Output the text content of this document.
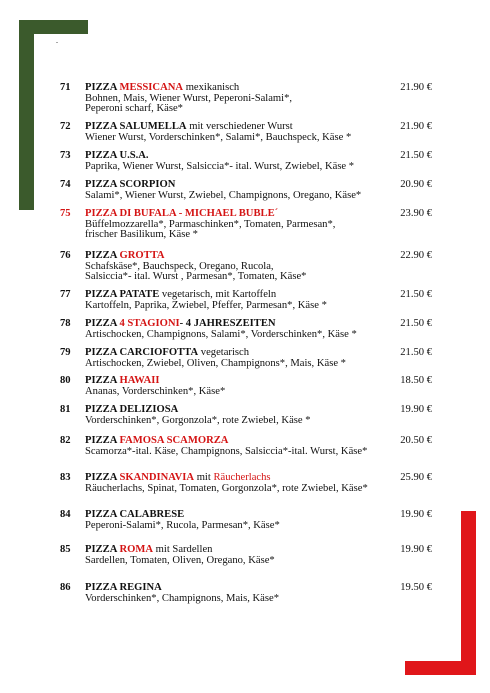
.
71	PIZZA MESSICANA mexikanisch
Bohnen, Mais, Wiener Wurst, Peperoni-Salami*,
Peperoni scharf, Käse*
21.90 €
72	PIZZA SALUMELLA mit verschiedener Wurst
Wiener Wurst, Vorderschinken*, Salami*, Bauchspeck, Käse *
21.90 €
73	PIZZA U.S.A.
Paprika, Wiener Wurst, Salsiccia*- ital. Wurst, Zwiebel, Käse *
21.50 €
74	PIZZA SCORPION
Salami*, Wiener Wurst, Zwiebel, Champignons, Oregano, Käse*
20.90 €
75	PIZZA DI BUFALA - MICHAEL BUBLE´
Büffelmozzarella*, Parmaschinken*, Tomaten, Parmesan*,
frischer Basilikum, Käse *
23.90 €
76	PIZZA GROTTA
Schafskäse*, Bauchspeck, Oregano, Rucola,
Salsiccia*- ital. Wurst , Parmesan*, Tomaten, Käse*
22.90 €
77	PIZZA PATATE vegetarisch, mit Kartoffeln
Kartoffeln, Paprika, Zwiebel, Pfeffer, Parmesan*, Käse *
21.50 €
78	PIZZA 4 STAGIONI- 4 JAHRESZEITEN
Artischocken, Champignons, Salami*, Vorderschinken*, Käse *
21.50 €
79	PIZZA CARCIOFOTTA vegetarisch
Artischocken, Zwiebel, Oliven, Champignons*, Mais, Käse *
21.50 €
80	PIZZA HAWAII
Ananas, Vorderschinken*, Käse*
18.50 €
81	PIZZA DELIZIOSA
Vorderschinken*, Gorgonzola*, rote Zwiebel, Käse *
19.90 €
82	PIZZA FAMOSA SCAMORZA
Scamorza*-ital. Käse, Champignons, Salsiccia*-ital. Wurst, Käse*
20.50 €
83	PIZZA SKANDINAVIA mit Räucherlachs
Räucherlachs, Spinat, Tomaten, Gorgonzola*, rote Zwiebel, Käse*
25.90 €
84	PIZZA CALABRESE
Peperoni-Salami*, Rucola, Parmesan*, Käse*
19.90 €
85	PIZZA ROMA mit Sardellen
Sardellen, Tomaten, Oliven, Oregano, Käse*
19.90 €
86	PIZZA REGINA
Vorderschinken*, Champignons, Mais, Käse*
19.50 €
